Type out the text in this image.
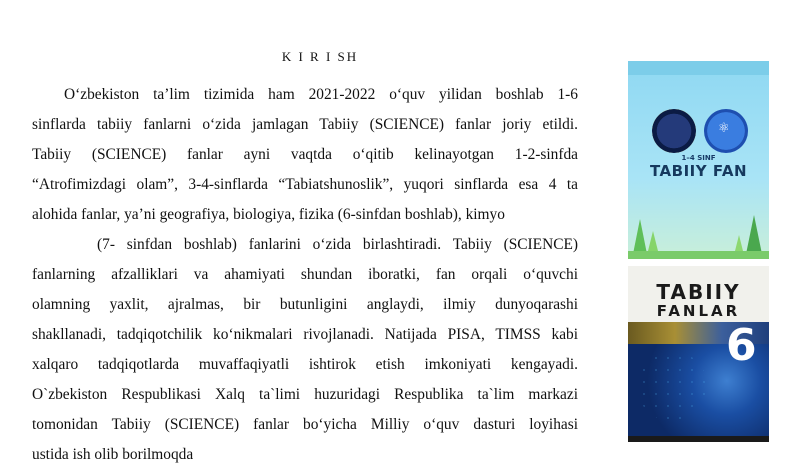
K I R I SH
O‘zbekiston ta’lim tizimida ham 2021-2022 o‘quv yilidan boshlab 1-6
sinflarda tabiiy fanlarni o‘zida jamlagan Tabiiy (SCIENCE) fanlar joriy etildi.
Tabiiy (SCIENCE) fanlar ayni vaqtda o‘qitib kelinayotgan 1-2-sinfda
“Atrofimizdagi olam”, 3-4-sinflarda “Tabiatshunoslik”, yuqori sinflarda esa 4 ta
alohida fanlar, ya’ni geografiya, biologiya, fizika (6-sinfdan boshlab), kimyo
(7- sinfdan boshlab) fanlarini o‘zida birlashtiradi. Tabiiy (SCIENCE)
fanlarning afzalliklari va ahamiyati shundan iboratki, fan orqali o‘quvchi
olamning yaxlit, ajralmas, bir butunligini anglaydi, ilmiy dunyoqarashi
shakllanadi, tadqiqotchilik ko‘nikmalari rivojlanadi. Natijada PISA, TIMSS kabi
xalqaro tadqiqotlarda muvaffaqiyatli ishtirok etish imkoniyati kengayadi.
O`zbekiston Respublikasi Xalq ta`limi huzuridagi Respublika ta`lim markazi
tomonidan Tabiiy (SCIENCE) fanlar bo‘yicha Milliy o‘quv dasturi loyihasi
ustida ish olib borilmoqda
⚛
1–4 SINF
TABIIY FAN
TABIIY
FANLAR
6
